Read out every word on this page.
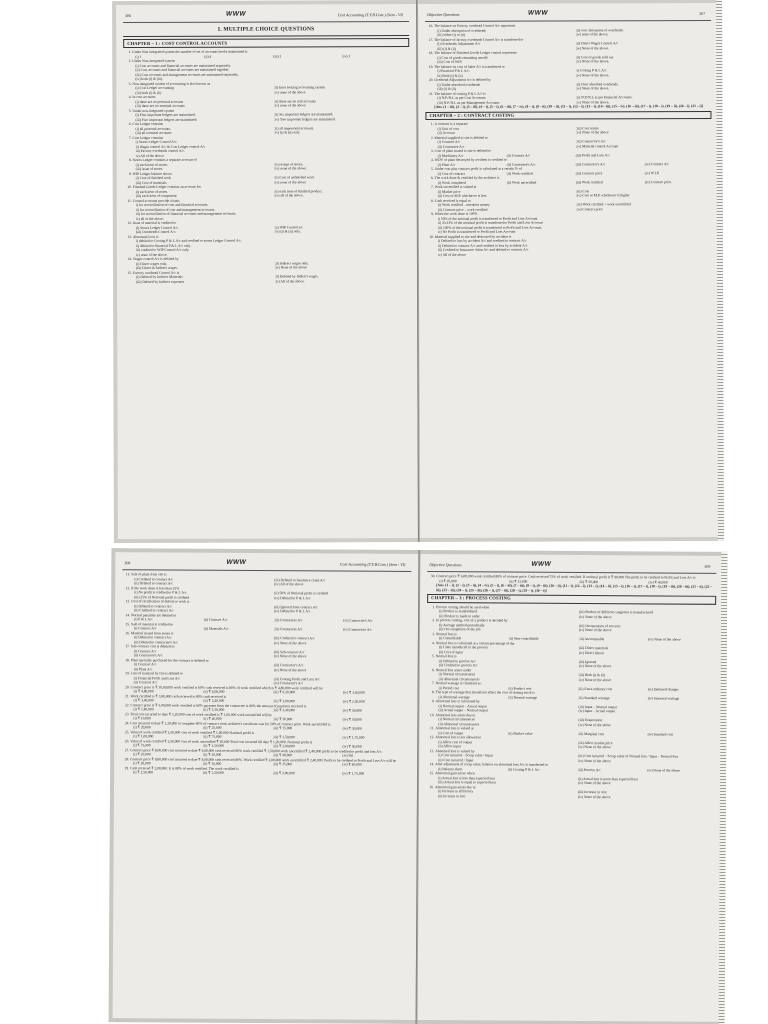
306	WWW	Cost Accounting (T.Y.B.Com.) (Sem - VI)
I. MULTIPLE CHOICE QUESTIONS
CHAPTER – 1 : COST CONTROL ACCOUNTS
1. Under Non integrated system the number of set of accounts books maintained is
(i) 1	(ii) 4	(iii) 2	(iv) 3
2. Under Non-integrated system
(i) Cost accounts and financial accounts are maintained separately.
(ii) Cost accounts and financial accounts are maintained together.
(iii) Cost accounts and management accounts are maintained separately.
(iv) both (i) & (iii).
3. Non-integrated system of accounting is also known as
(i) Cost Ledger accounting	(ii) Inter locking accounting system
(iii) both (i) & (ii)	(iv) none of the above
4. In cost accounts
(i) there are no personal accounts	(ii) there are no real accounts
(iii) there are no nominal accounts	(iv) none of the above
5. Under non-integrated system
(i) Four important ledgers are maintained.	(ii) Six important ledgers are maintained.
(iii) Five important ledgers are maintained.	(iv) Two important ledgers are maintained.
6. Cost Ledger contains
(i) all personal accounts.	(ii) all impersonal accounts
(iii) all nominal accounts	(iv) (i) & (ii) only
7. Cost Ledger contains
i) Stores Ledger Control A/c.
ii) Wages control A/c & Cost Ledger control A/c
iii) Factory overheads control A/c.
iv) All of the above.
8. Stores Ledger contains a separate account of
(i) each item of stores.	(ii) receipt of stores.
(iii) issue of stores.	(iv) none of the above.
9. WIP Ledger balance shows
(i) Cost of finished work	(ii) Cost of unfinished work
(iii) Cost of materials	(iv) none of the above
10. Finished Goods Ledger contains an account for
(i) each item of stores.	(ii) each item of finished product.
(iii) each item of component	(iv) all of the above.
11. Control accounts provide a basis
i) for reconciliation of cost and financial accounts.
ii) for reconciliation of cost and management accounts.
iii) for reconciliation of financial accounts and management accounts.
iv) all of the above.
12. Issue of material is credited to
(i) Stores Ledger Control A/c.	(ii) WIP Control a/c
(iii) Overheads Control A/c.	(iv) (i) & (ii) only.
13. Abnormal Loss is
i) debited to Costing P & L A/c and credited to stores Ledger Control A/c.
ii) debited to financial P & L A/c only.
iii) credited to WIP Control A/c only.
iv) none of the above.
14. Wages control A/c is debited by
(i) Direct wages only.	(ii) Indirect wages only.
(iii) Direct & Indirect wages.	(iv) None of the above
15. Factory overhead Control A/c is
(i) Debited by Indirect Materials	(ii) Debited by Indirect wages.
(iii) Debited by Indirect expenses	(iv) All of the above.
Objective Questions	WWW	307
16. The balance on Factory overhead Control A/c represents
(i) Under absorption of overheads	(ii) over absorption of overheads.
(iii) either (i) or (ii)	(iv) none of the above.
17. The balance of factory overheads Control A/c is transferred to
(i) Overheads Adjustment A/c	(ii) Direct Wages Control A/c
(iii) (i) & (ii)	(iv) None of the above.
18. The balance of Finished Goods Ledger control represents
(i) Cost of goods remaining unsold	(ii) Cost of goods sold out
(iii) Cost of WIP.	(iv) None of the above.
19. The balance on cost of Sales A/c is transferred to
i) Financial P & L A/c.	ii) Costing P & L A/c.
iii) Both (i) & (ii)	(iv) None of the above.
20. Overhead Adjustment A/c is debited by
(i) Under absorbed overheads	(ii) Over absorbed overheads.
(iii) (i) & (ii)	(iv) None of the above.
21. The balance of costing P & L A/c is
(i) N.P./N.L as per Cost Accounts.	(ii) N.P./N.L as per Financial Accounts.
(iii) N.P./N.L as per Management Accounts	(iv) None of the above.
[Ans. (1 – iii), (2 – i), (3 – iii), (4 – i), (5 – i), (6 – iii), (7 – iv), (8 – i), (9 – ii), (10 – ii), (11 – i), (12 – i), (13 – i), (14 – iii), (15 – iv), (16 – iii), (17 – i), (18 – i), (19 – ii), (20 – i), (21 – i)]
CHAPTER – 2 : CONTRACT COSTING
1. A contract is a separate
(i) Unit of cost	(iii) Cost centre
(ii) Account	(iv) None of the above
2. Material supplied to site is debited to
(i) Contract A/c	(iii) Contractor's A/c
(ii) Contractee A/c	(iv) Material control Account
3. Cost of plant issued to site is debited to
(i) Machinery A/c	(ii) Contract A/c	(iii) Profit and Loss A/c
4. WDV of plant destroyed by accident is credited to
(i) Plant A/c	(ii) Contractee's A/c	(iii) Contractor's A/c	(iv) Contract A/c
5. Under cost plus contract profit is calculated at a certain % of
(i) Cost of contract	(ii) Work certified	(iii) Contract price	(iv) W.I.P.
6. The work done & certified by the architect is
(i) Work completed	(ii) Work uncertified	(iii) Work certified	(iv) Contract price
7. Work uncertified is valued at
(i) Market price	(iii) Cost
(ii) Cost or M.P. whichever is less	(iv) Cost or M.P. whichever is higher
8. Cash received is equal to
(i) Work certified – retention money	(iii) Work certified + work uncertified
(ii) Contract price – work certified	(iv) Contract price
9. When the work done is 100%
i) 50% of the notional profit is transferred to Profit and Loss Account
ii) 33.33% of the notional profit is transferred to Profit and Loss Account
iii) 100% of the notional profit is transferred to Profit and Loss Account.
iv) No Profit is transferred to Profit and Loss Account
10. Material supplied to site and destroyed by accident is
i) Debited to loss by accident A/c and credited to contract A/c
ii) Debited to contract A/c and credited to loss by accident A/c
iii) Credited to Insurance claim A/c and debited to contract A/c
iv) All of the above
308	WWW	Cost Accounting (T.Y.B.Com.) (Sem - VI)
11. Sale of plant from site is
(i) Credited to contract A/c	(iii) Debited to Insurance claim A/c
(ii) Debited to contract A/c	(iv) All of the above
12. If the work done is less than 25%
(i) No profit is credited to P & L A/c	(ii) 50% of Notional profit is credited
(iii) 25% of Notional profit is credited	(iv) Debited to P & L A/c
13. Cost of rectification of defective work is
(i) Debited to contract A/c	(iii) Ignored from contract A/c
(ii) Credited to contract A/c	(iv) Debited to P & L A/c
14. Normal penalties are debited to
(i) P & L A/c	(ii) Contract A/c	(iii) Contractees A/c	(iv) Contractor's A/c
15. Sale of material is credited to
(i) Contract A/c	(ii) Materials A/c	(iii) Contractees A/c	(iv) Contractors A/c
16. Material issued from stores is
(i) Debited to contract A/c	(iii) Credited to contract A/c
(ii) Debited to contractee's A/c	(iv) None of the above
17. Sub-contract cost is debited to
(i) Contract A/c	(iii) Sub-contract A/c
(ii) Contractee's A/c	(iv) None of the above
18. Plant specially purchased for the contract is debited to
(i) Contract A/c	(iii) Contractor's A/c
(ii) Plant A/c	(iv) None of the above
19. Loss of material by fire is debited to
(i) Financial Profit and Loss A/c	(iii) Costing Profit and Loss A/c
(ii) Contract A/c	(iv) Contractee's A/c
20. Contract price is ₹ 10,00,000 work certified is 60% cash received is 80% of work certified which is ₹ 4,80,000 work certified will be
(i) ₹ 4,80,000	(ii) ₹ 6,00,000	(iii) ₹ 6,20,000	(iv) ₹ 3,60,000
21. Work certified is ₹ 3,00,000 cash received is 80% cash received is
(i) ₹ 3,40,000	(ii) ₹ 2,40,000	(iii) ₹ 2,00,000	(iv) ₹ 2,50,000
22. Contract price is ₹ 5,00,000 work certified is 60% payment from the contractee is 80% the amount of payment received is
(i) ₹ 1,40,000	(ii) ₹ 2,30,000	(iii) ₹ 2,40,000	(iv) ₹ 50,000
23. Total cost incurred to date ₹ 1,20,000 cost of work certified is ₹ 1,00,000 work uncertified will be
(i) ₹ 10,000	(ii) ₹ 40,000	(iii) ₹ 20,000	(iv) ₹ 50,000
24. Cost incurred to date ₹ 1,20,000 to complete 60% of contract work architect's certificate was for 50% of contract price. Work uncertified is
(i) ₹ 20,000	(ii) ₹ 25,000	(iii) ₹ 15,000	(iv) ₹ 30,000
25. Value of work certified ₹ 2,50,000 cost of work certified ₹ 1,00,000 National profit is
(i) ₹ 1,00,000	(ii) ₹ 75,000	(iii) ₹ 1,50,000	(iv) ₹ 1,75,000
26. Value of work certified ₹ 2,50,000 cost of work uncertified ₹ 20,000 Total cost incurred till date ₹ 1,20,000. Notional profit is
(i) ₹ 75,000	(ii) ₹ 1,50,000	(iii) ₹ 2,00,000	(iv) ₹ 50,000
27. Contract price ₹ 8,00,000 cost incurred to date ₹ 4,00,000 cash received 80% work certified ₹ 1,50,000 work uncertified ₹ 2,40,000 profit to be credited to profit and loss A/c.
(i) ₹ 20,000	(ii) ₹ 30,000	(iii) ₹ 40,000	(iv) Nil
28. Contract price ₹ 8,00,000 cost incurred to date ₹ 4,00,000 cash received 80%. Work certified ₹ 2,00,000 work uncertified ₹ 2,40,000. Profit to be credited to Profit and Loss A/c will be
(i) ₹ 20,000	(ii) ₹ 16,000	(iii) ₹ 35,000	(iv) ₹ 40,000
29. Cash received ₹ 2,00,000. It is 80% of work certified. The work certified is
(i) ₹ 2,50,000	(ii) ₹ 1,50,000	(iii) ₹ 2,00,000	(iv) ₹ 1,75,000
Objective Questions	WWW	309
30. Contract price ₹ 6,00,000 work certified 80% of contract price. Cash received 75% of work certified. If notional profit is ₹ 90,000 The profit to be credited to Profit and Loss A/c is
(i) ₹ 45,000	(ii) ₹ 33,000	(iii) ₹ 50,000	(iv) ₹ 40,000
[Ans. (1 – i), (2 – i), (3 – ii), (4 – iv), (5 – i), (6 – iii), (7 – iii), (8 – i), (9 – iii), (10 – ii), (11 – i), (12 – i), (13 – i), (14 – ii), (15 – i), (16 – i), (17 – i), (18 – i), (19 – iii), (20 – iii), (21 – ii), (22 – iii), (23 – iii), (24 – i), (25 – iii), (26 – i), (27 – iii), (28 – i), (29 – i), (30 – i)]
CHAPTER – 3 : PROCESS COSTING
1. Process costing should be used when
(i) Product is standardised.	(iii) Product of different categories is manufactured
(ii) Product is made to order	(iv) None of the above
2. In process costing, cost of a product is decided by
(i) Average method periodically	(iii) On operation of services
(ii) On completion of the job	(iv) None of the above
3. Normal loss is
(i) Controllable	(ii) Non-controllable	(iii) Ascertainable	(iv) None of the above
4. Normal loss is calculated at a certain percentage of the
(i) Units introduced in the process	(iii) Direct materials
(ii) Cost of input	(iv) Direct labour
5. Normal loss is
(i) Debited to process A/c	(iii) Ignored
(ii) Credited to process A/c	(iv) None of the above
6. Normal loss arises under
(i) Normal circumstances	(iii) Both (i) & (ii)
(ii) Abnormal circumstances	(iv) None of the above
7. Normal wastage is classified as :
(i) Period cost	(ii) Product cost	(iii) Extra-ordinary cost	(iv) Deferred charges
8. The type of wastage that should not affect the cost of closing stock is
(i) Abnormal wastage	(ii) Normal wastage	(iii) Standard wastage	(iv) Seasonal wastage
9. Abnormal loss is calculated by
(i) Normal output – Actual output	(iii) Input – Normal output
(ii) Actual output – Normal output	(iv) Input – Actual output
10. Abnormal loss arises due to
(i) Normal circumstances	(iii) Evaporation
(ii) Abnormal circumstances	(iv) None of the above
11. Abnormal loss is valued at
(i) Cost of output	(ii) Market value	(iii) Marginal cost	(iv) Standard cost
12. Abnormal loss is not allowed to
(i) Affect cost of output	(iii) Affect market price
(ii) Affect input	(iv) None of the above
13. Abnormal loss is valued by
(i) Cost incurred – Scrap value / Input	(iii) Cost incurred – Scrap value of Normal loss / Input – Normal loss
(ii) Cost incurred / Input	(iv) None of the above
14. After adjustment of scrap value, balance on abnormal loss A/c is transferred to
(i) Balance sheet	(ii) Costing P & L A/c	(iii) Process A/c	(iv) None of the above
15. Abnormal gain arises when
(i) Actual loss is less than expected loss	(ii) Actual loss is more than expected loss
(iii) Actual loss is equal to expected loss	(iv) None of the above
16. Abnormal gain arises due to
(i) Increase in efficiency	(iii) Increase in cost
(ii) Increase in loss	(iv) None of the above
